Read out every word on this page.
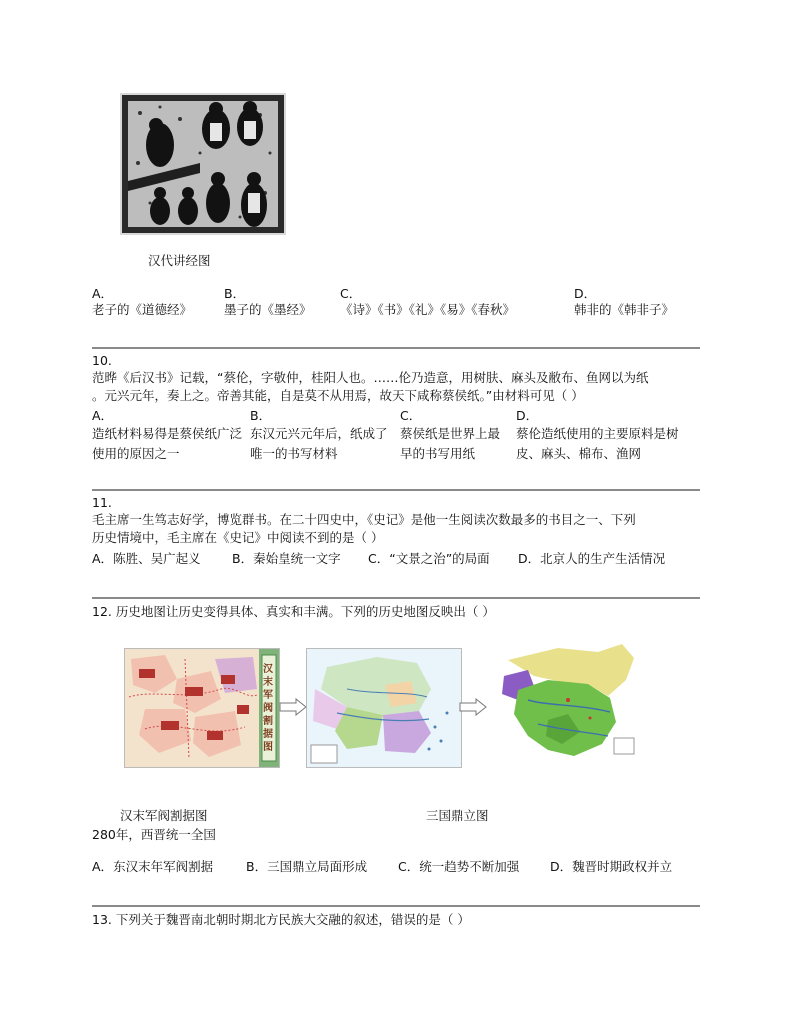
汉代讲经图
A．
老子的《道德经》
B．
墨子的《墨经》
C．
《诗》《书》《礼》《易》《春秋》
D．
韩非的《韩非子》
10.
范晔《后汉书》记载，“蔡伦，字敬仲，桂阳人也。……伦乃造意，用树肤、麻头及敝布、鱼网以为纸
。元兴元年，奏上之。帝善其能，自是莫不从用焉，故天下咸称蔡侯纸。”由材料可见（ ）
A．
造纸材料易得是蔡侯纸广泛使用的原因之一
B．
东汉元兴元年后，纸成了唯一的书写材料
C．
蔡侯纸是世界上最早的书写用纸
D．
蔡伦造纸使用的主要原料是树皮、麻头、棉布、渔网
11.
毛主席一生笃志好学，博览群书。在二十四史中，《史记》是他一生阅读次数最多的书目之一、下列
历史情境中，毛主席在《史记》中阅读不到的是（ ）
A．陈胜、吴广起义	B．秦始皇统一文字 C．“文景之治”的局面 D．北京人的生产生活情况
12. 历史地图让历史变得具体、真实和丰满。下列的历史地图反映出（ ）
汉末军阀割据图
汉末军阀割据图	三国鼎立图
280年，西晋统一全国
A．东汉末年军阀割据	B．三国鼎立局面形成 C．统一趋势不断加强 D．魏晋时期政权并立
13. 下列关于魏晋南北朝时期北方民族大交融的叙述，错误的是（ ）
